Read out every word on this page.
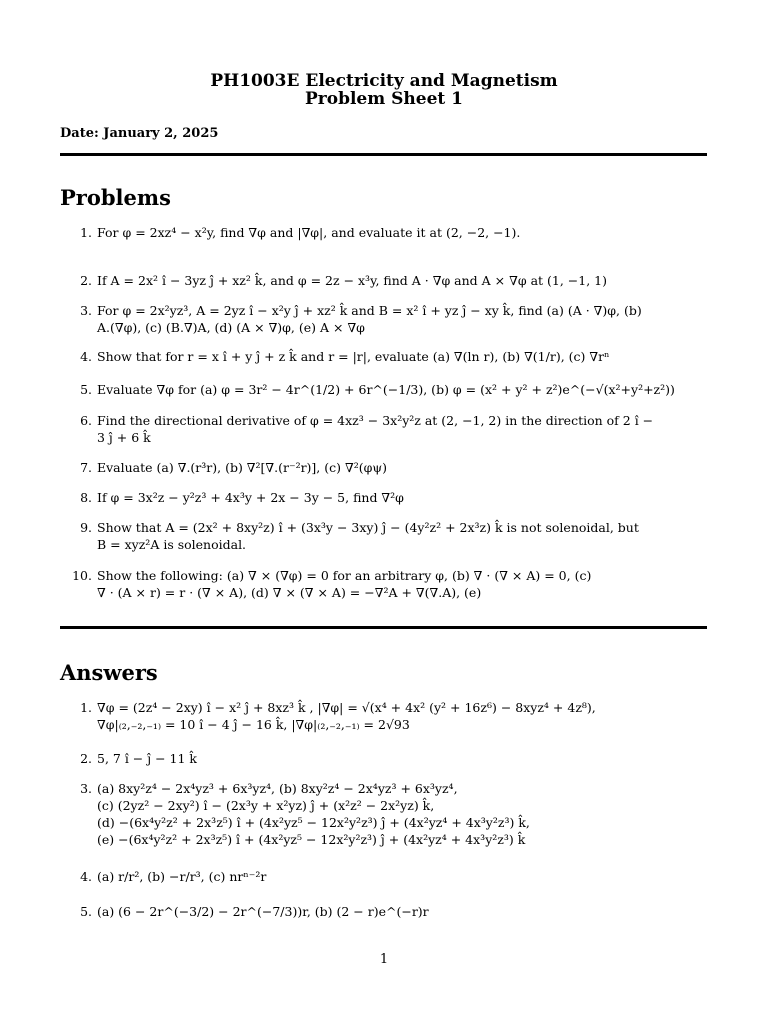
PH1003E Electricity and Magnetism
Problem Sheet 1
Date: January 2, 2025
Problems
1. For φ = 2xz⁴ − x²y, find ∇φ and |∇φ|, and evaluate it at (2, −2, −1).
2. If A = 2x² î − 3yz ĵ + xz² k̂, and φ = 2z − x³y, find A · ∇φ and A × ∇φ at (1, −1, 1)
3. For φ = 2x²yz³, A = 2yz î − x²y ĵ + xz² k̂ and B = x² î + yz ĵ − xy k̂, find (a) (A · ∇)φ, (b)
A.(∇φ), (c) (B.∇)A, (d) (A × ∇)φ, (e) A × ∇φ
4. Show that for r = x î + y ĵ + z k̂ and r = |r|, evaluate (a) ∇(ln r), (b) ∇(1/r), (c) ∇rⁿ
5. Evaluate ∇φ for (a) φ = 3r² − 4r^(1/2) + 6r^(−1/3), (b) φ = (x² + y² + z²)e^(−√(x²+y²+z²))
6. Find the directional derivative of φ = 4xz³ − 3x²y²z at (2, −1, 2) in the direction of 2 î −
3 ĵ + 6 k̂
7. Evaluate (a) ∇.(r³r), (b) ∇²[∇.(r⁻²r)], (c) ∇²(φψ)
8. If φ = 3x²z − y²z³ + 4x³y + 2x − 3y − 5, find ∇²φ
9. Show that A = (2x² + 8xy²z) î + (3x³y − 3xy) ĵ − (4y²z² + 2x³z) k̂ is not solenoidal, but
B = xyz²A is solenoidal.
10. Show the following: (a) ∇ × (∇φ) = 0 for an arbitrary φ, (b) ∇ · (∇ × A) = 0, (c)
∇ · (A × r) = r · (∇ × A), (d) ∇ × (∇ × A) = −∇²A + ∇(∇.A), (e)
Answers
1. ∇φ = (2z⁴ − 2xy) î − x² ĵ + 8xz³ k̂ , |∇φ| = √(x⁴ + 4x² (y² + 16z⁶) − 8xyz⁴ + 4z⁸),
∇φ|₍₂,₋₂,₋₁₎ = 10 î − 4 ĵ − 16 k̂, |∇φ|₍₂,₋₂,₋₁₎ = 2√93
2. 5, 7 î − ĵ − 11 k̂
3. (a) 8xy²z⁴ − 2x⁴yz³ + 6x³yz⁴, (b) 8xy²z⁴ − 2x⁴yz³ + 6x³yz⁴,
(c) (2yz² − 2xy²) î − (2x³y + x²yz) ĵ + (x²z² − 2x²yz) k̂,
(d) −(6x⁴y²z² + 2x³z⁵) î + (4x²yz⁵ − 12x²y²z³) ĵ + (4x²yz⁴ + 4x³y²z³) k̂,
(e) −(6x⁴y²z² + 2x³z⁵) î + (4x²yz⁵ − 12x²y²z³) ĵ + (4x²yz⁴ + 4x³y²z³) k̂
4. (a) r/r², (b) −r/r³, (c) nrⁿ⁻²r
5. (a) (6 − 2r^(−3/2) − 2r^(−7/3))r, (b) (2 − r)e^(−r)r
1
